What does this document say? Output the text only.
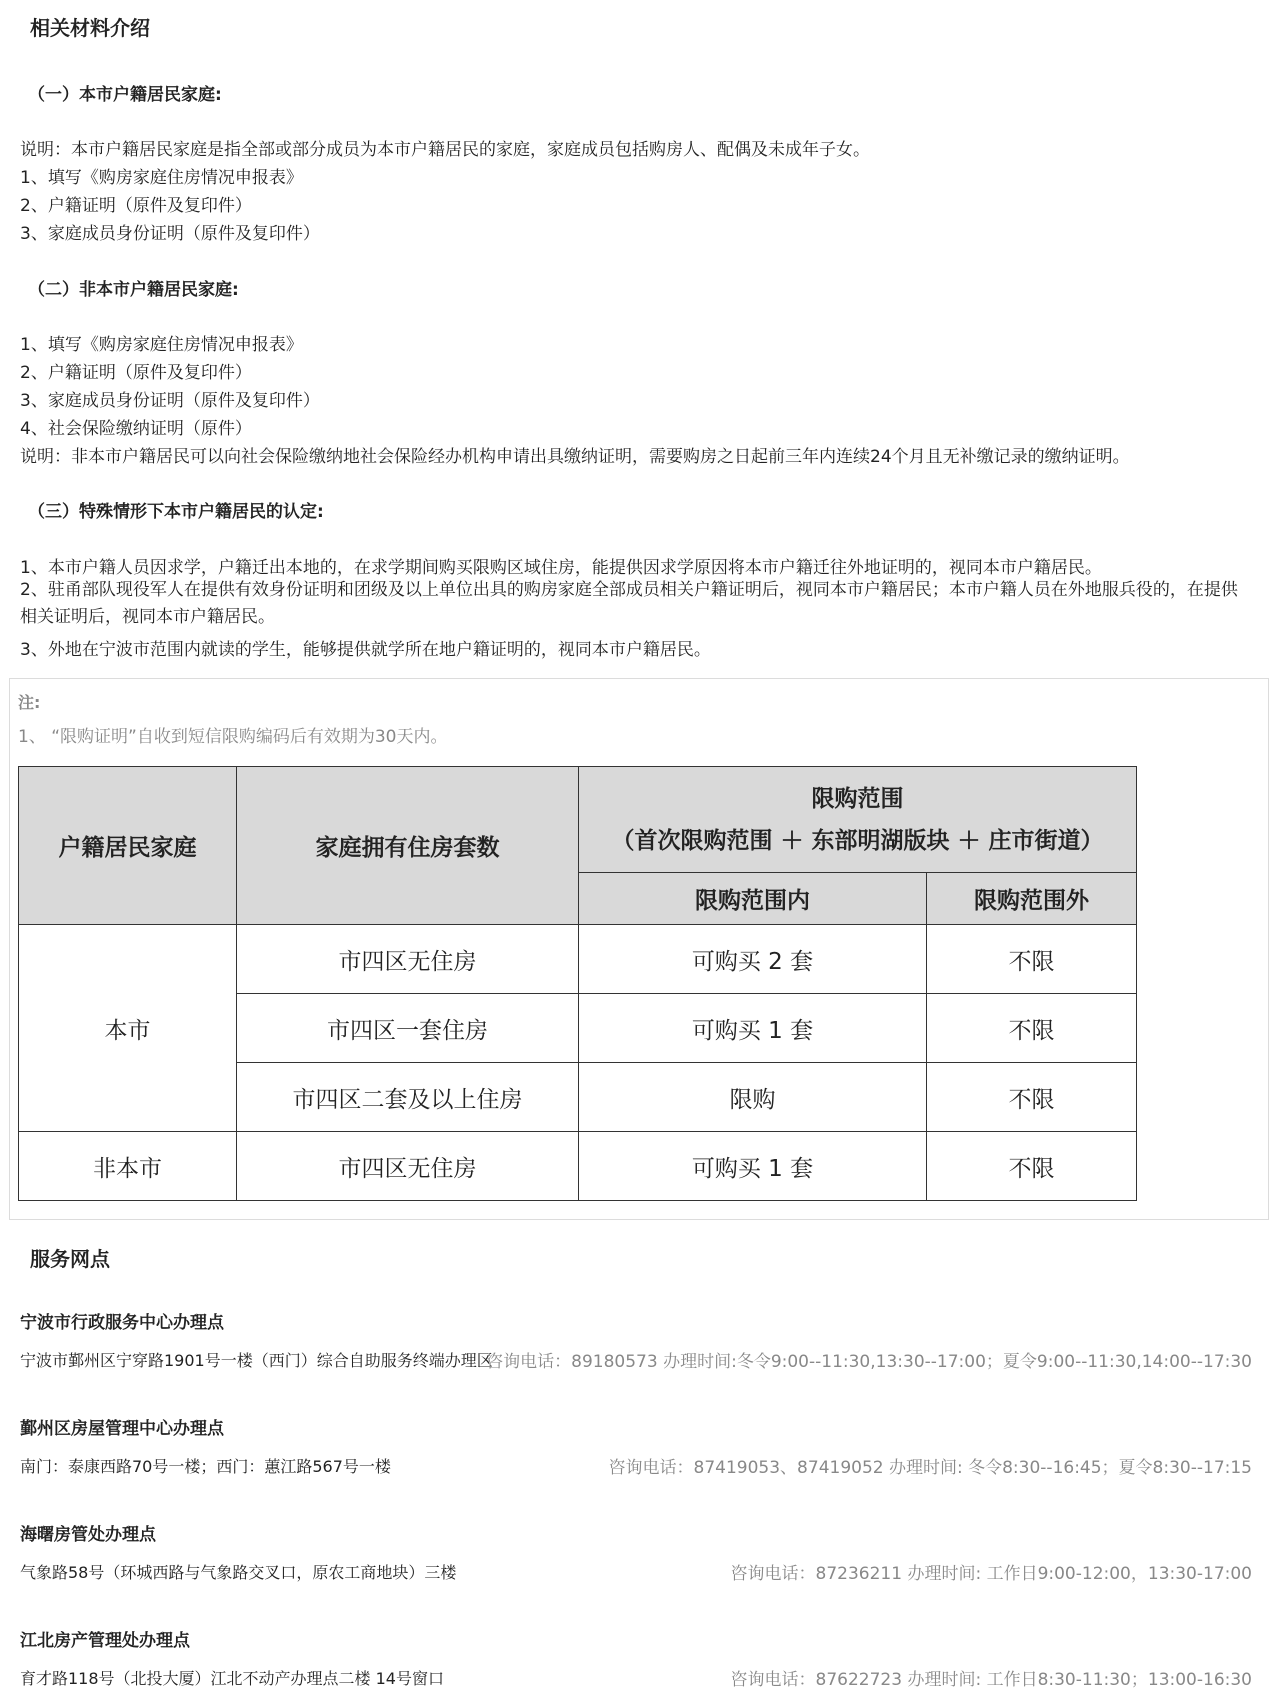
相关材料介绍
（一）本市户籍居民家庭:
说明：本市户籍居民家庭是指全部或部分成员为本市户籍居民的家庭，家庭成员包括购房人、配偶及未成年子女。
1、填写《购房家庭住房情况申报表》
2、户籍证明（原件及复印件）
3、家庭成员身份证明（原件及复印件）
（二）非本市户籍居民家庭:
1、填写《购房家庭住房情况申报表》
2、户籍证明（原件及复印件）
3、家庭成员身份证明（原件及复印件）
4、社会保险缴纳证明（原件）
说明：非本市户籍居民可以向社会保险缴纳地社会保险经办机构申请出具缴纳证明，需要购房之日起前三年内连续24个月且无补缴记录的缴纳证明。
（三）特殊情形下本市户籍居民的认定:
1、本市户籍人员因求学，户籍迁出本地的，在求学期间购买限购区域住房，能提供因求学原因将本市户籍迁往外地证明的，视同本市户籍居民。
2、驻甬部队现役军人在提供有效身份证明和团级及以上单位出具的购房家庭全部成员相关户籍证明后，视同本市户籍居民；本市户籍人员在外地服兵役的，在提供相关证明后，视同本市户籍居民。
3、外地在宁波市范围内就读的学生，能够提供就学所在地户籍证明的，视同本市户籍居民。
注:
1、 “限购证明”自收到短信限购编码后有效期为30天内。
户籍居民家庭	家庭拥有住房套数	限购范围
（首次限购范围 ＋ 东部明湖版块 ＋ 庄市街道）	

		限购范围内	限购范围外
本市	市四区无住房	可购买 2 套	不限
	市四区一套住房	可购买 1 套	不限
	市四区二套及以上住房	限购	不限
非本市	市四区无住房	可购买 1 套	不限
服务网点
宁波市行政服务中心办理点
宁波市鄞州区宁穿路1901号一楼（西门）综合自助服务终端办理区
咨询电话：89180573 办理时间:冬令9:00--11:30,13:30--17:00；夏令9:00--11:30,14:00--17:30
鄞州区房屋管理中心办理点
南门：泰康西路70号一楼；西门：蕙江路567号一楼	咨询电话：87419053、87419052 办理时间: 冬令8:30--16:45；夏令8:30--17:15
海曙房管处办理点
气象路58号（环城西路与气象路交叉口，原农工商地块）三楼	咨询电话：87236211 办理时间: 工作日9:00-12:00，13:30-17:00
江北房产管理处办理点
育才路118号（北投大厦）江北不动产办理点二楼 14号窗口	咨询电话：87622723 办理时间: 工作日8:30-11:30；13:00-16:30
